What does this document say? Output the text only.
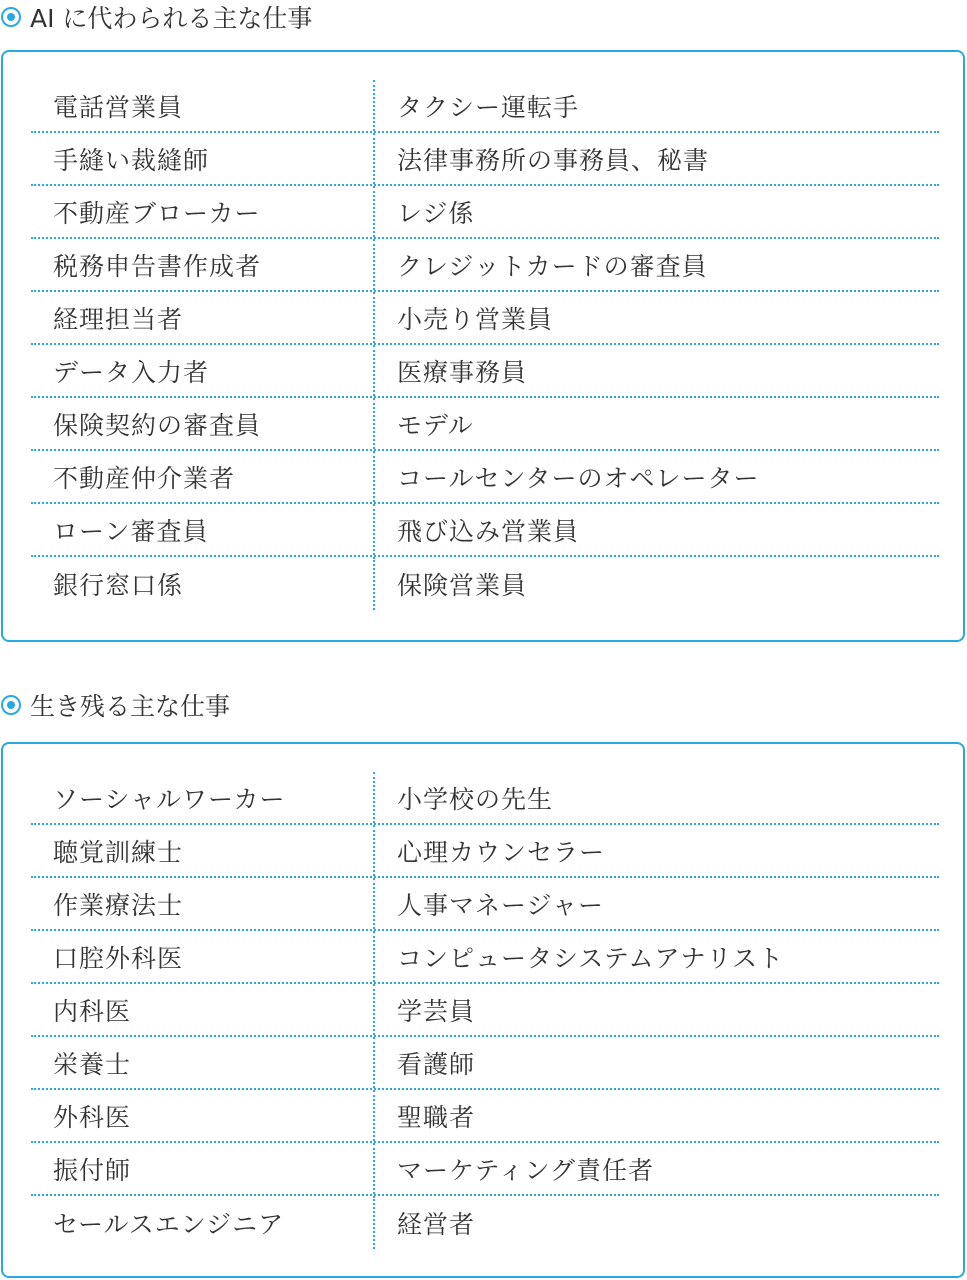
AI に代わられる主な仕事
電話営業員	タクシー運転手
手縫い裁縫師	法律事務所の事務員、秘書
不動産ブローカー	レジ係
税務申告書作成者	クレジットカードの審査員
経理担当者	小売り営業員
データ入力者	医療事務員
保険契約の審査員	モデル
不動産仲介業者	コールセンターのオペレーター
ローン審査員	飛び込み営業員
銀行窓口係	保険営業員
生き残る主な仕事
ソーシャルワーカー	小学校の先生
聴覚訓練士	心理カウンセラー
作業療法士	人事マネージャー
口腔外科医	コンピュータシステムアナリスト
内科医	学芸員
栄養士	看護師
外科医	聖職者
振付師	マーケティング責任者
セールスエンジニア	経営者
